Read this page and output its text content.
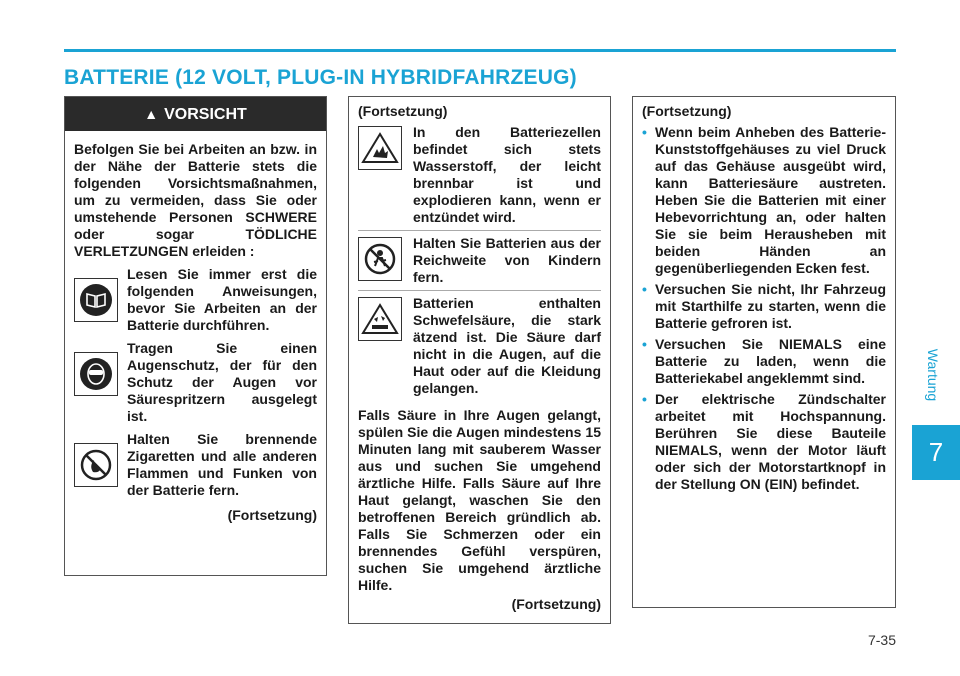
BATTERIE (12 VOLT, PLUG-IN HYBRIDFAHRZEUG)
Wartung
7
7-35
▲ VORSICHT
Befolgen Sie bei Arbeiten an bzw. in der Nähe der Batterie stets die folgenden Vorsichtsmaßnahmen, um zu vermeiden, dass Sie oder umstehende Personen SCHWERE oder sogar TÖDLICHE VERLETZUNGEN erleiden :
Lesen Sie immer erst die folgenden Anweisungen, bevor Sie Arbeiten an der Batterie durchführen.
Tragen Sie einen Augenschutz, der für den Schutz der Augen vor Säurespritzern ausgelegt ist.
Halten Sie brennende Zigaretten und alle anderen Flammen und Funken von der Batterie fern.
(Fortsetzung)
(Fortsetzung)
In den Batteriezellen befindet sich stets Wasserstoff, der leicht brennbar ist und explodieren kann, wenn er entzündet wird.
Halten Sie Batterien aus der Reichweite von Kindern fern.
Batterien enthalten Schwefelsäure, die stark ätzend ist. Die Säure darf nicht in die Augen, auf die Haut oder auf die Kleidung gelangen.
Falls Säure in Ihre Augen gelangt, spülen Sie die Augen mindestens 15 Minuten lang mit sauberem Wasser aus und suchen Sie umgehend ärztliche Hilfe. Falls Säure auf Ihre Haut gelangt, waschen Sie den betroffenen Bereich gründlich ab. Falls Sie Schmerzen oder ein brennendes Gefühl verspüren, suchen Sie umgehend ärztliche Hilfe.
(Fortsetzung)
(Fortsetzung)
• Wenn beim Anheben des Batterie-Kunststoffgehäuses zu viel Druck auf das Gehäuse ausgeübt wird, kann Batteriesäure austreten. Heben Sie die Batterien mit einer Hebevorrichtung an, oder halten Sie sie beim Herausheben mit beiden Händen an gegenüberliegenden Ecken fest.
• Versuchen Sie nicht, Ihr Fahrzeug mit Starthilfe zu starten, wenn die Batterie gefroren ist.
• Versuchen Sie NIEMALS eine Batterie zu laden, wenn die Batteriekabel angeklemmt sind.
• Der elektrische Zündschalter arbeitet mit Hochspannung. Berühren Sie diese Bauteile NIEMALS, wenn der Motor läuft oder sich der Motorstartknopf in der Stellung ON (EIN) befindet.
